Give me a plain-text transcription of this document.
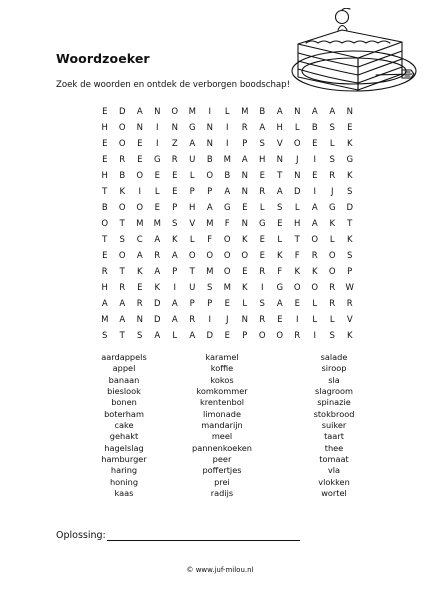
Woordzoeker
Zoek de woorden en ontdek de verborgen boodschap!
E	D	A	N	O	M	I	L	M	B	A	N	A	A	N
H	O	N	I	N	G	N	I	R	A	H	L	B	S	E
E	O	E	I	Z	A	N	I	P	S	V	O	E	L	K
E	R	E	G	R	U	B	M	A	H	N	J	I	S	G
H	B	O	E	E	L	O	B	N	E	T	N	E	R	K
T	K	I	L	E	P	P	A	N	R	A	D	I	J	S
B	O	O	E	P	H	A	G	E	L	S	L	A	G	D
O	T	M	M	S	V	M	F	N	G	E	H	A	K	T
T	S	C	A	K	L	F	O	K	E	L	T	O	L	K
E	O	A	R	A	O	O	O	O	E	K	F	R	O	S
R	T	K	A	P	T	M	O	E	R	F	K	K	O	P
H	R	E	K	I	U	S	M	K	I	G	O	O	R	W
A	A	R	D	A	P	P	E	L	S	A	E	L	R	R
M	A	N	D	A	R	I	J	N	R	E	I	L	L	V
S	T	S	A	L	A	D	E	P	O	O	R	I	S	K
aardappels
appel
banaan
bieslook
bonen
boterham
cake
gehakt
hagelslag
hamburger
haring
honing
kaas
karamel
koffie
kokos
komkommer
krentenbol
limonade
mandarijn
meel
pannenkoeken
peer
poffertjes
prei
radijs
salade
siroop
sla
slagroom
spinazie
stokbrood
suiker
taart
thee
tomaat
vla
vlokken
wortel
Oplossing:
© www.juf-milou.nl
